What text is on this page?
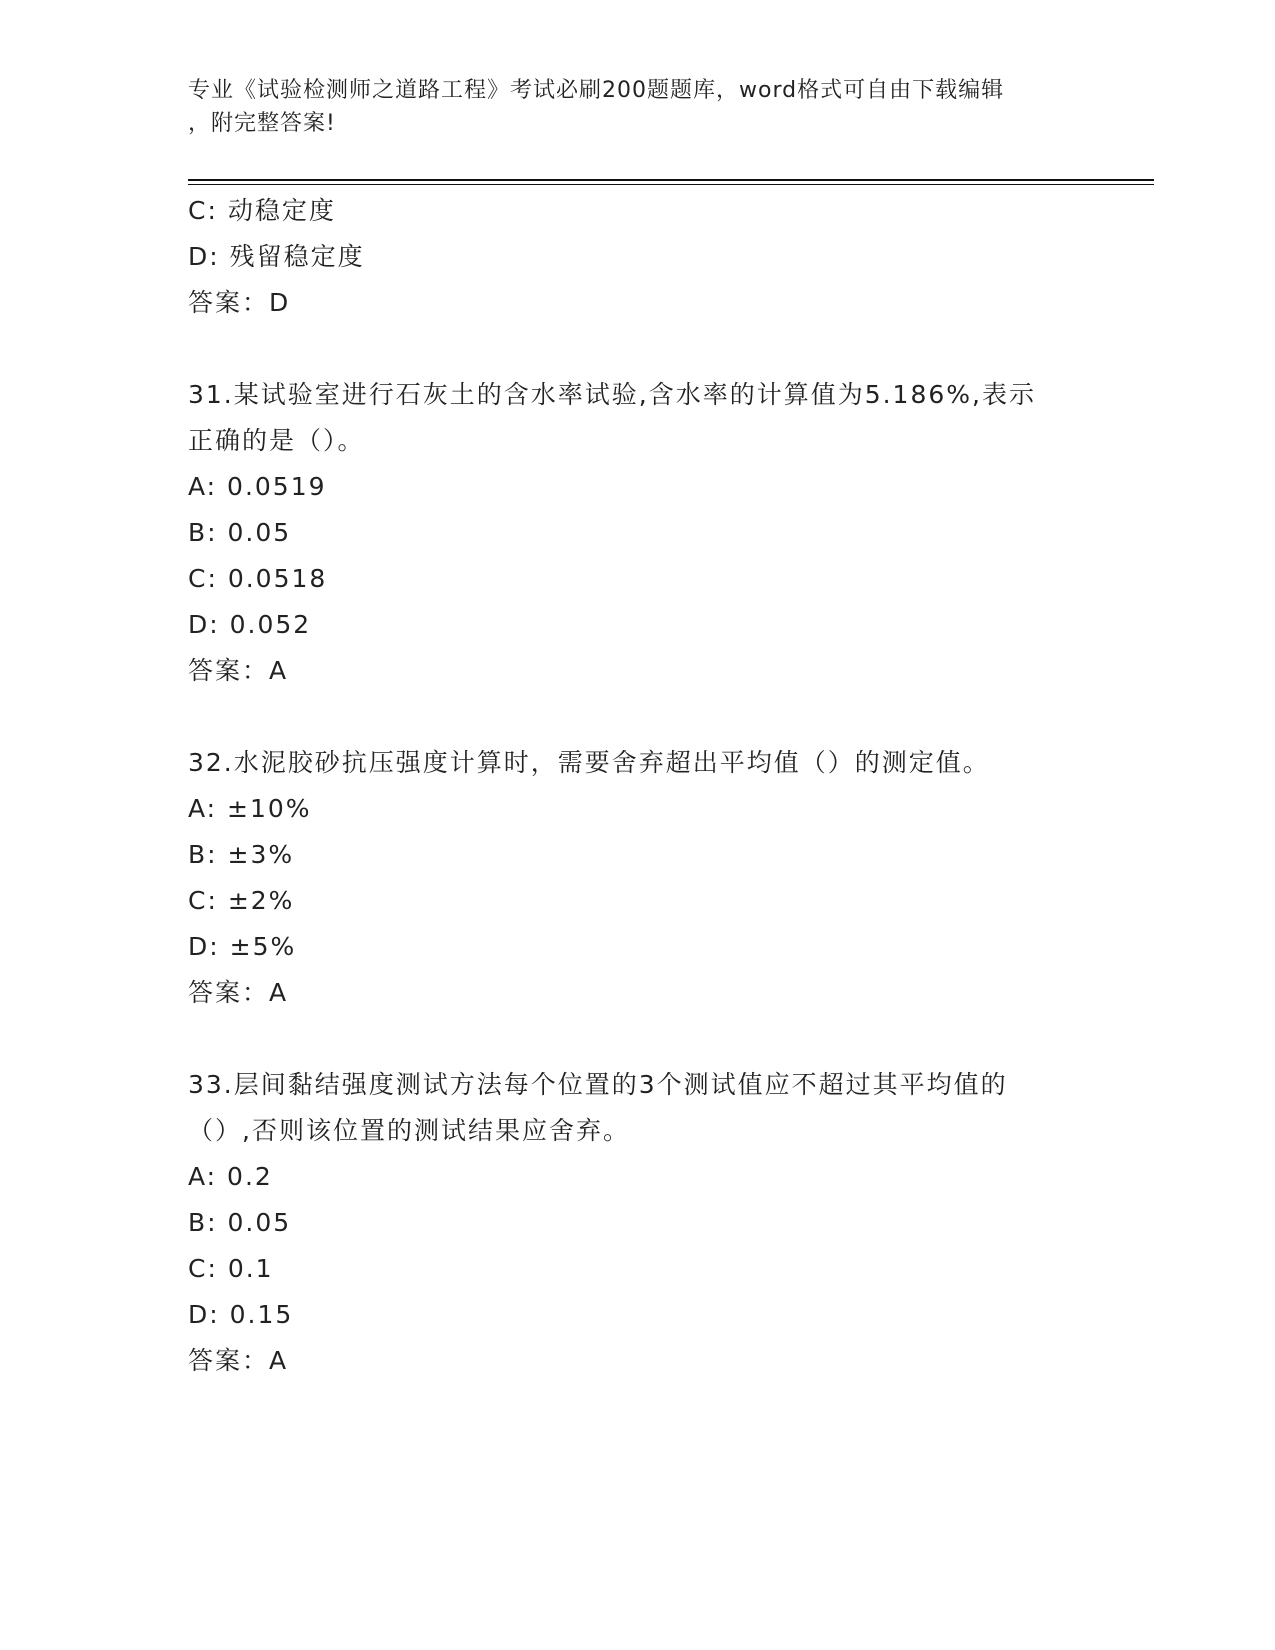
专业《试验检测师之道路工程》考试必刷200题题库，word格式可自由下载编辑
，附完整答案!
C: 动稳定度
D: 残留稳定度
答案：D
31.某试验室进行石灰土的含水率试验,含水率的计算值为5.186%,表示
正确的是（）。
A: 0.0519
B: 0.05
C: 0.0518
D: 0.052
答案：A
32.水泥胶砂抗压强度计算时，需要舍弃超出平均值（）的测定值。
A: ±10%
B: ±3%
C: ±2%
D: ±5%
答案：A
33.层间黏结强度测试方法每个位置的3个测试值应不超过其平均值的
（）,否则该位置的测试结果应舍弃。
A: 0.2
B: 0.05
C: 0.1
D: 0.15
答案：A
